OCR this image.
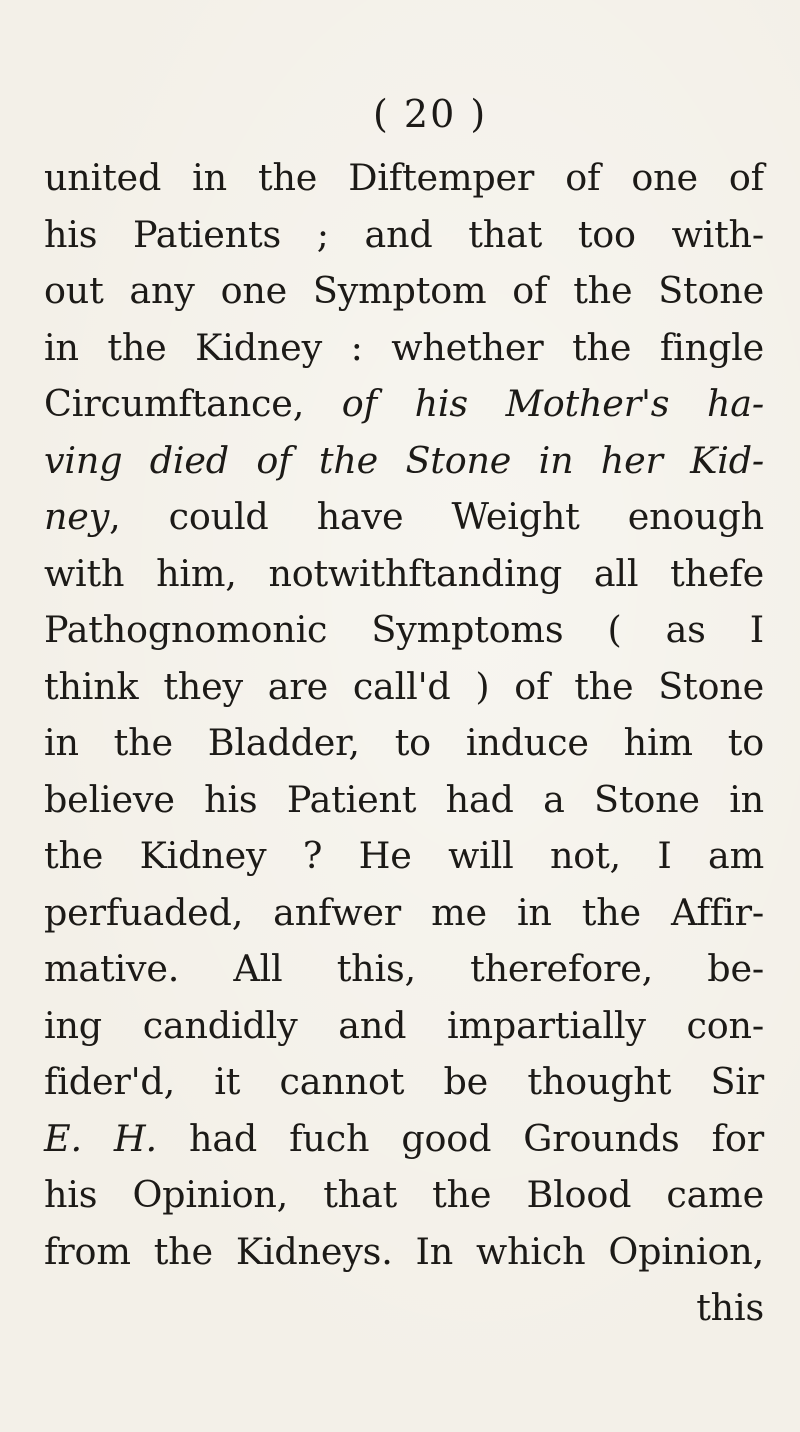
( 20 )
united in the Diftemper of one of
his Patients ; and that too with-
out any one Symptom of the Stone
in the Kidney : whether the fingle
Circumftance, of his Mother's ha-
ving died of the Stone in her Kid-
ney, could have Weight enough
with him, notwithftanding all thefe
Pathognomonic Symptoms ( as I
think they are call'd ) of the Stone
in the Bladder, to induce him to
believe his Patient had a Stone in
the Kidney ? He will not, I am
perfuaded, anfwer me in the Affir-
mative. All this, therefore, be-
ing candidly and impartially con-
fider'd, it cannot be thought Sir
E. H. had fuch good Grounds for
his Opinion, that the Blood came
from the Kidneys. In which Opinion,
this
